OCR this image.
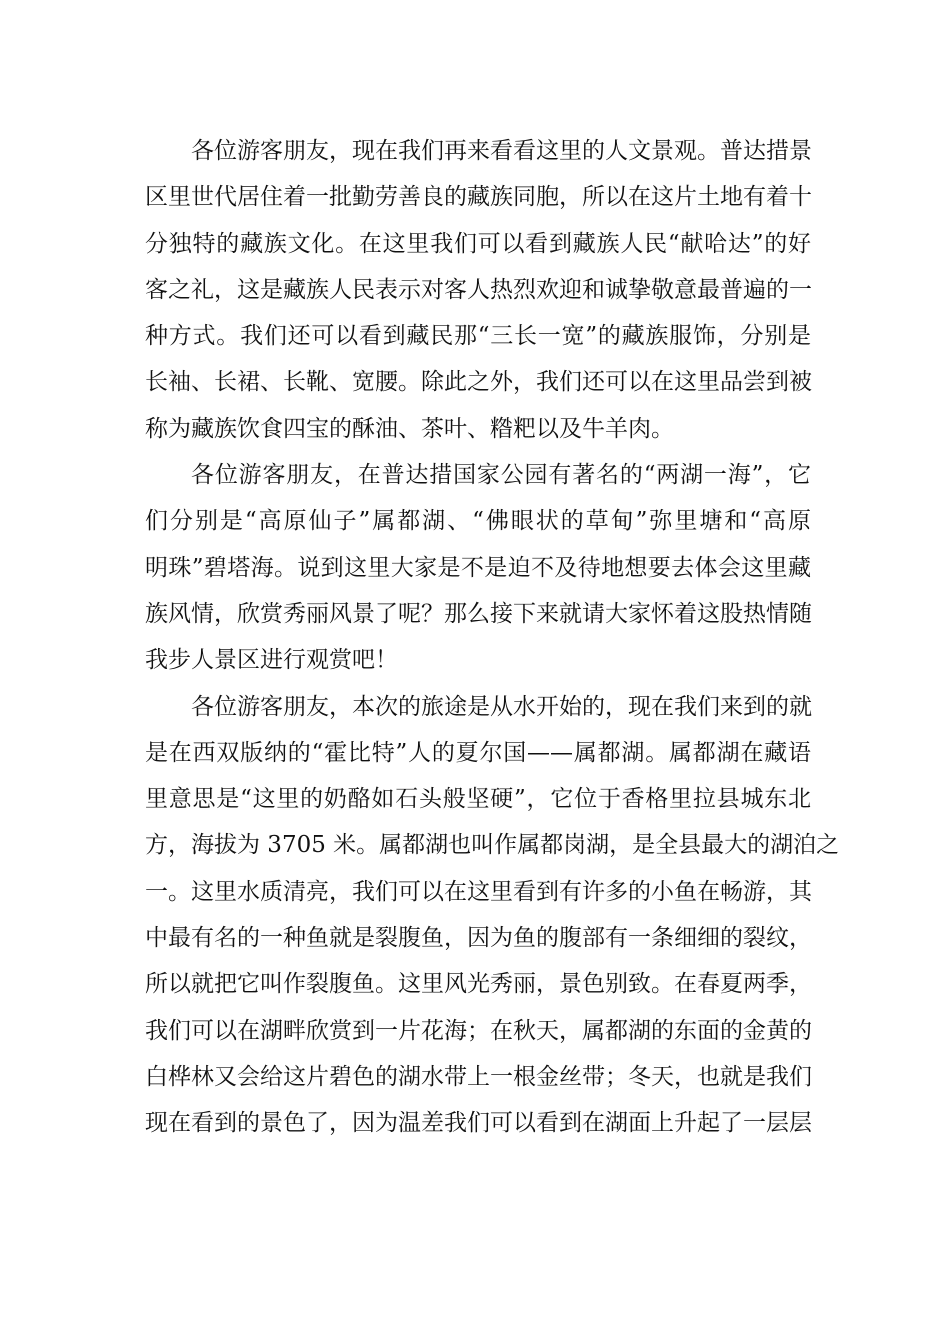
各位游客朋友，现在我们再来看看这里的人文景观。普达措景
区里世代居住着一批勤劳善良的藏族同胞，所以在这片土地有着十
分独特的藏族文化。在这里我们可以看到藏族人民“献哈达”的好
客之礼，这是藏族人民表示对客人热烈欢迎和诚挚敬意最普遍的一
种方式。我们还可以看到藏民那“三长一宽”的藏族服饰，分别是
长袖、长裙、长靴、宽腰。除此之外，我们还可以在这里品尝到被
称为藏族饮食四宝的酥油、茶叶、糌粑以及牛羊肉。
各位游客朋友，在普达措国家公园有著名的“两湖一海”，它
们分别是“高原仙子”属都湖、“佛眼状的草甸”弥里塘和“高原
明珠”碧塔海。说到这里大家是不是迫不及待地想要去体会这里藏
族风情，欣赏秀丽风景了呢？那么接下来就请大家怀着这股热情随
我步人景区进行观赏吧！
各位游客朋友，本次的旅途是从水开始的，现在我们来到的就
是在西双版纳的“霍比特”人的夏尔国——属都湖。属都湖在藏语
里意思是“这里的奶酪如石头般坚硬”，它位于香格里拉县城东北
方，海拔为 3705 米。属都湖也叫作属都岗湖，是全县最大的湖泊之
一。这里水质清亮，我们可以在这里看到有许多的小鱼在畅游，其
中最有名的一种鱼就是裂腹鱼，因为鱼的腹部有一条细细的裂纹，
所以就把它叫作裂腹鱼。这里风光秀丽，景色别致。在春夏两季，
我们可以在湖畔欣赏到一片花海；在秋天，属都湖的东面的金黄的
白桦林又会给这片碧色的湖水带上一根金丝带；冬天，也就是我们
现在看到的景色了，因为温差我们可以看到在湖面上升起了一层层
